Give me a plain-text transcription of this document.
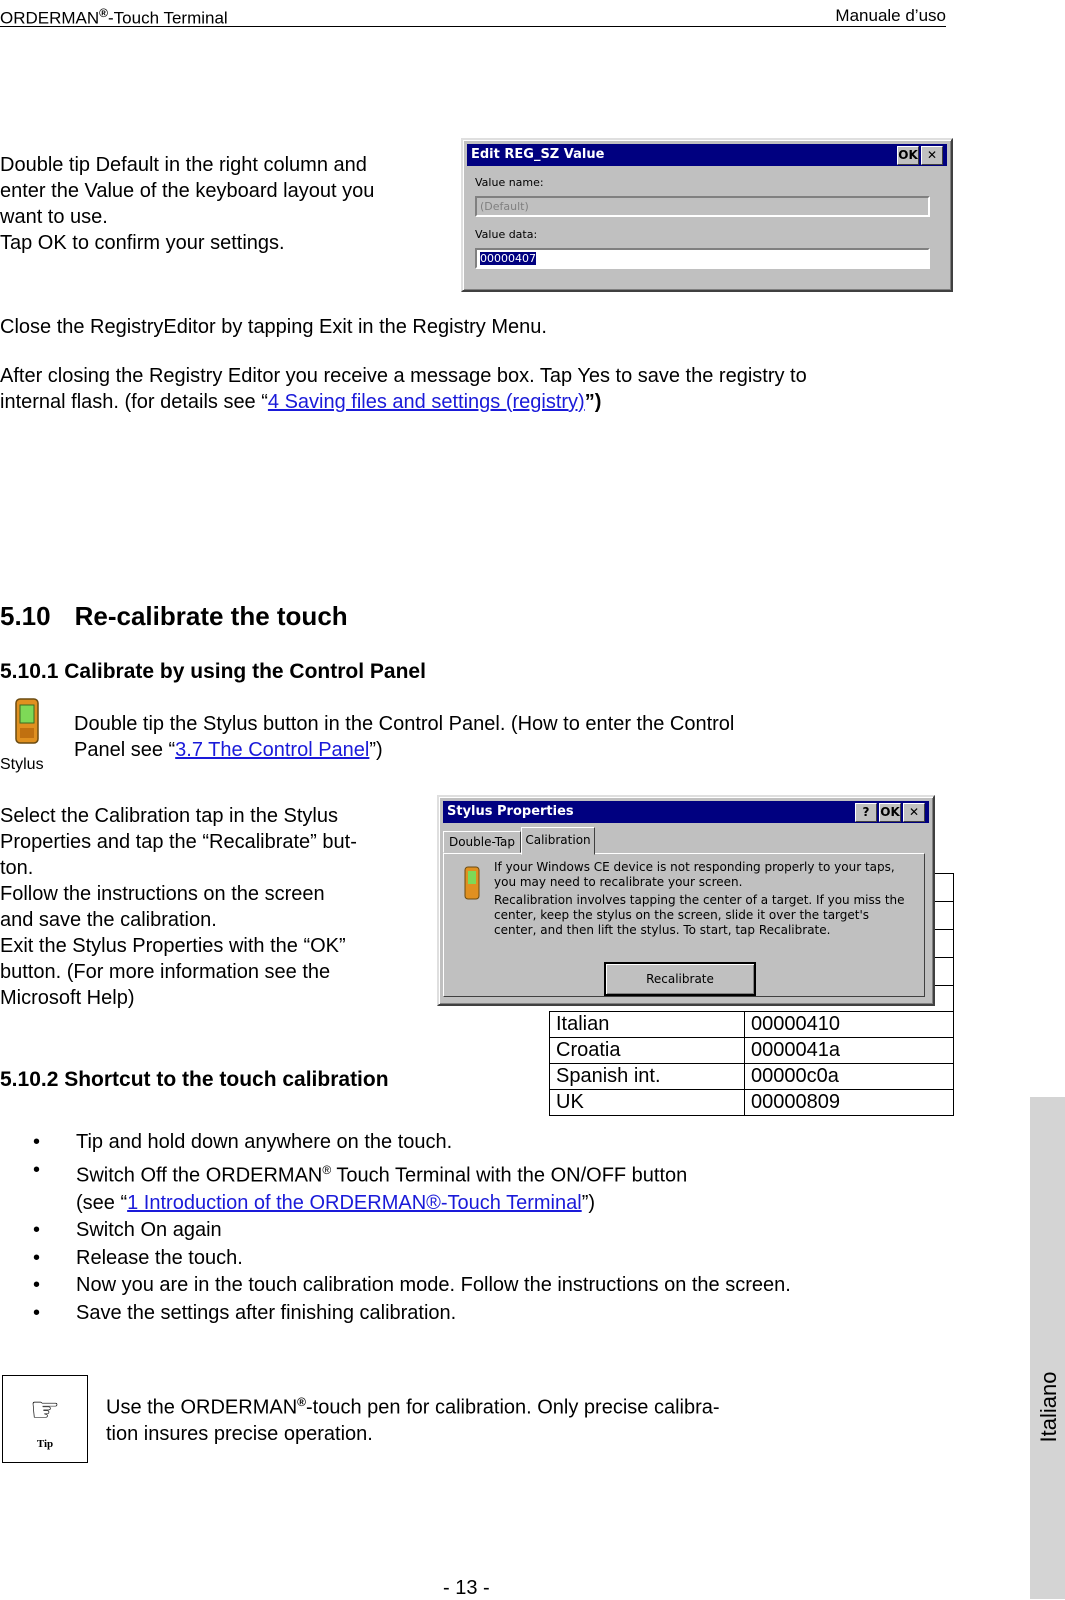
ORDERMAN®-Touch Terminal	Manuale d’uso
Double tip Default in the right column and
enter the Value of the keyboard layout you
want to use.
Tap OK to confirm your settings.
Edit REG_SZ Value	OK ✕
Value name:
(Default)
Value data:
00000407
Close the RegistryEditor by tapping Exit in the Registry Menu.
After closing the Registry Editor you receive a message box. Tap Yes to save the registry to
internal flash. (for details see “4 Saving files and settings (registry)”)
5.10 Re-calibrate the touch
5.10.1 Calibrate by using the Control Panel
Stylus
Double tip the Stylus button in the Control Panel. (How to enter the Control
Panel see “3.7 The Control Panel”)
Select the Calibration tap in the Stylus
Properties and tap the “Recalibrate” but-
ton.
Follow the instructions on the screen
and save the calibration.
Exit the Stylus Properties with the “OK”
button. (For more information see the
Microsoft Help)
Italian	00000410
Croatia	0000041a
Spanish int.	00000c0a
UK	00000809
Stylus Properties	? OK ✕
Double-Tap Calibration
If your Windows CE device is not responding properly to your taps, you may need to recalibrate your screen.
Recalibration involves tapping the center of a target. If you miss the center, keep the stylus on the screen, slide it over the target's center, and then lift the stylus. To start, tap Recalibrate.
Recalibrate
5.10.2 Shortcut to the touch calibration
• Tip and hold down anywhere on the touch.
• Switch Off the ORDERMAN® Touch Terminal with the ON/OFF button
(see “1 Introduction of the ORDERMAN®-Touch Terminal”)
• Switch On again
• Release the touch.
• Now you are in the touch calibration mode. Follow the instructions on the screen.
• Save the settings after finishing calibration.
☞
Tip
Use the ORDERMAN®-touch pen for calibration. Only precise calibra-
tion insures precise operation.
- 13 -
Italiano
